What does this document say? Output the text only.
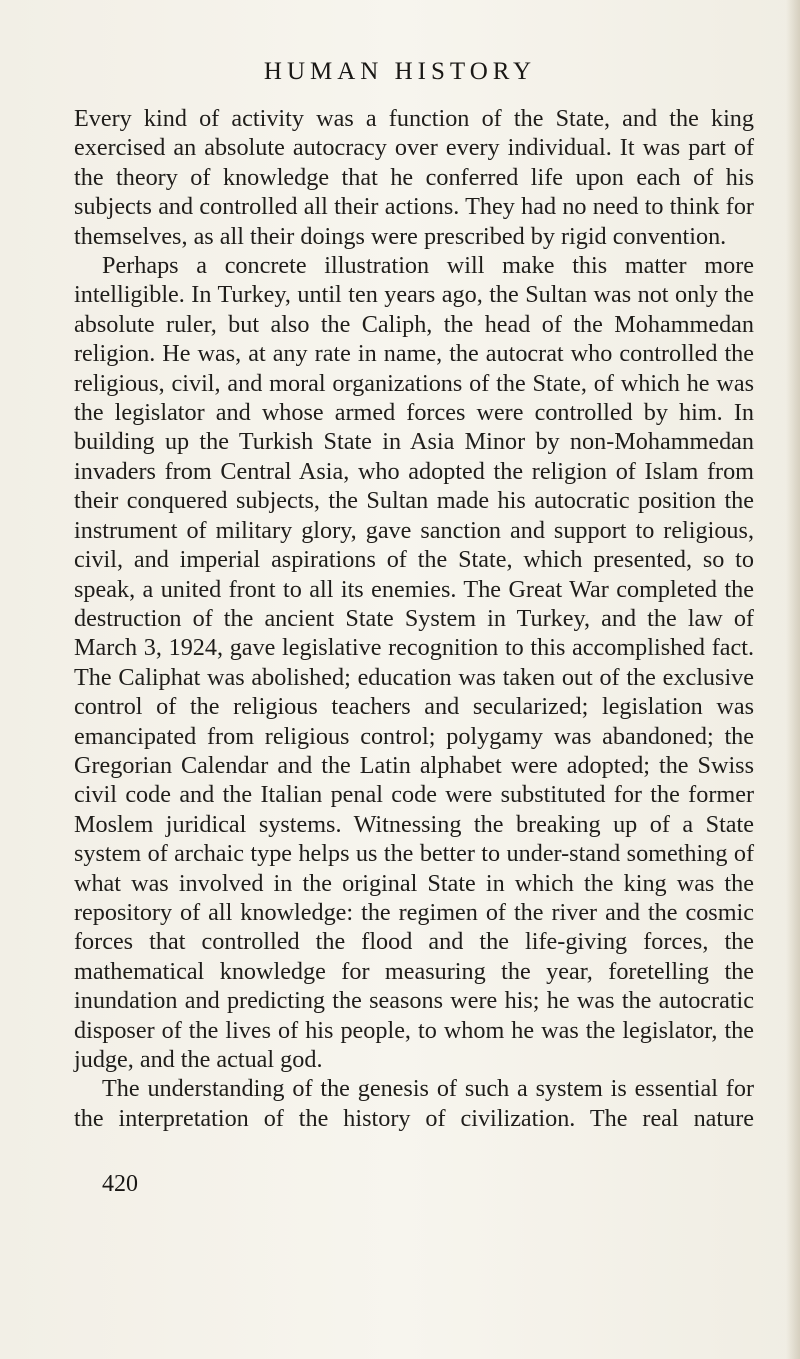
HUMAN HISTORY

Every kind of activity was a function of the State, and the king exercised an absolute autocracy over every individual. It was part of the theory of knowledge that he conferred life upon each of his subjects and controlled all their actions. They had no need to think for themselves, as all their doings were prescribed by rigid convention.

Perhaps a concrete illustration will make this matter more intelligible. In Turkey, until ten years ago, the Sultan was not only the absolute ruler, but also the Caliph, the head of the Mohammedan religion. He was, at any rate in name, the autocrat who controlled the religious, civil, and moral organizations of the State, of which he was the legislator and whose armed forces were controlled by him. In building up the Turkish State in Asia Minor by non-Mohammedan invaders from Central Asia, who adopted the religion of Islam from their conquered subjects, the Sultan made his autocratic position the instrument of military glory, gave sanction and support to religious, civil, and imperial aspirations of the State, which presented, so to speak, a united front to all its enemies. The Great War completed the destruction of the ancient State System in Turkey, and the law of March 3, 1924, gave legislative recognition to this accomplished fact. The Caliphat was abolished; education was taken out of the exclusive control of the religious teachers and secularized; legislation was emancipated from religious control; polygamy was abandoned; the Gregorian Calendar and the Latin alphabet were adopted; the Swiss civil code and the Italian penal code were substituted for the former Moslem juridical systems. Witnessing the breaking up of a State system of archaic type helps us the better to under-stand something of what was involved in the original State in which the king was the repository of all knowledge: the regimen of the river and the cosmic forces that controlled the flood and the life-giving forces, the mathematical knowledge for measuring the year, foretelling the inundation and predicting the seasons were his; he was the autocratic disposer of the lives of his people, to whom he was the legislator, the judge, and the actual god.

The understanding of the genesis of such a system is essential for the interpretation of the history of civilization. The real nature

420
